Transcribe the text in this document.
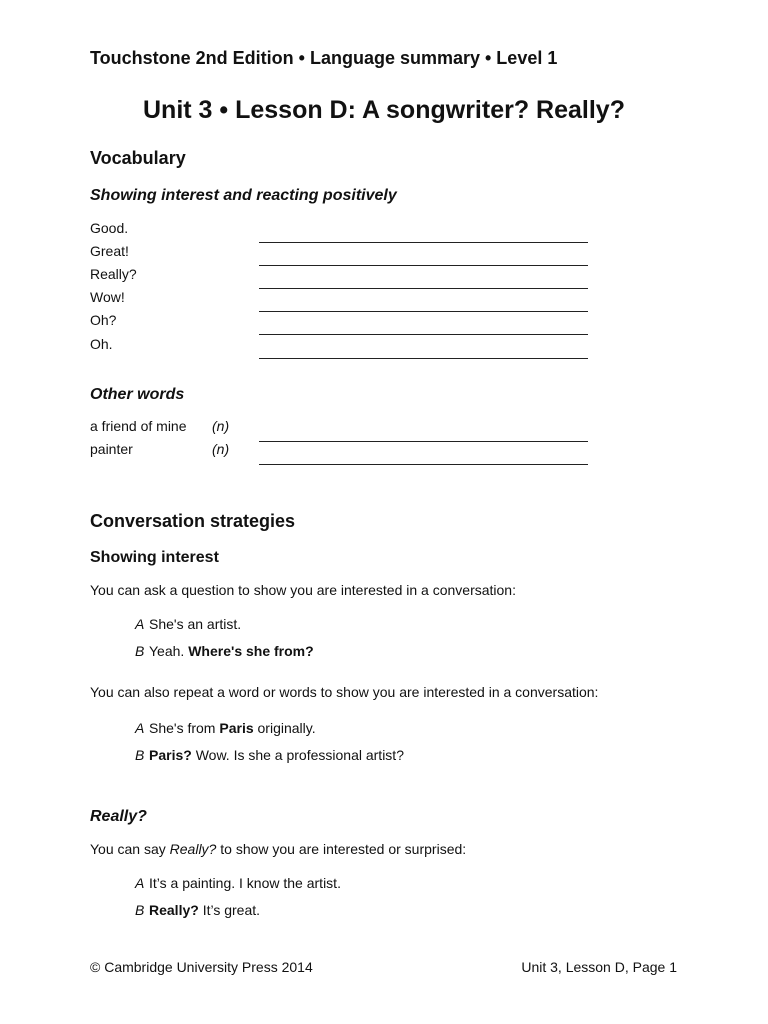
Touchstone 2nd Edition • Language summary • Level 1
Unit 3 • Lesson D: A songwriter? Really?
Vocabulary
Showing interest and reacting positively
Good.
Great!
Really?
Wow!
Oh?
Oh.
Other words
a friend of mine (n)
painter	(n)
Conversation strategies
Showing interest
You can ask a question to show you are interested in a conversation:
A She's an artist.
B Yeah. Where's she from?
You can also repeat a word or words to show you are interested in a conversation:
A She's from Paris originally.
B Paris? Wow. Is she a professional artist?
Really?
You can say Really? to show you are interested or surprised:
A It’s a painting. I know the artist.
B Really? It’s great.
© Cambridge University Press 2014	Unit 3, Lesson D, Page 1
